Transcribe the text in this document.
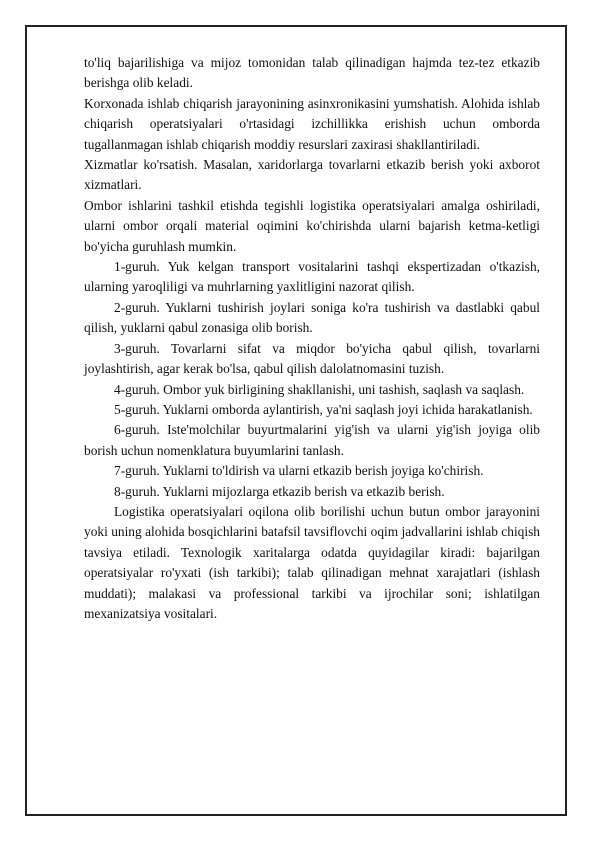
to'liq bajarilishiga va mijoz tomonidan talab qilinadigan hajmda tez-tez etkazib berishga olib keladi.

Korxonada ishlab chiqarish jarayonining asinxronikasini yumshatish. Alohida ishlab chiqarish operatsiyalari o'rtasidagi izchillikka erishish uchun omborda tugallanmagan ishlab chiqarish moddiy resurslari zaxirasi shakllantiriladi.

Xizmatlar ko'rsatish. Masalan, xaridorlarga tovarlarni etkazib berish yoki axborot xizmatlari.

Ombor ishlarini tashkil etishda tegishli logistika operatsiyalari amalga oshiriladi, ularni ombor orqali material oqimini ko'chirishda ularni bajarish ketma-ketligi bo'yicha guruhlash mumkin.

1-guruh. Yuk kelgan transport vositalarini tashqi ekspertizadan o'tkazish, ularning yaroqliligi va muhrlarning yaxlitligini nazorat qilish.

2-guruh. Yuklarni tushirish joylari soniga ko'ra tushirish va dastlabki qabul qilish, yuklarni qabul zonasiga olib borish.

3-guruh. Tovarlarni sifat va miqdor bo'yicha qabul qilish, tovarlarni joylashtirish, agar kerak bo'lsa, qabul qilish dalolatnomasini tuzish.

4-guruh. Ombor yuk birligining shakllanishi, uni tashish, saqlash va saqlash.

5-guruh. Yuklarni omborda aylantirish, ya'ni saqlash joyi ichida harakatlanish.

6-guruh. Iste'molchilar buyurtmalarini yig'ish va ularni yig'ish joyiga olib borish uchun nomenklatura buyumlarini tanlash.

7-guruh. Yuklarni to'ldirish va ularni etkazib berish joyiga ko'chirish.

8-guruh. Yuklarni mijozlarga etkazib berish va etkazib berish.

Logistika operatsiyalari oqilona olib borilishi uchun butun ombor jarayonini yoki uning alohida bosqichlarini batafsil tavsiflovchi oqim jadvallarini ishlab chiqish tavsiya etiladi. Texnologik xaritalarga odatda quyidagilar kiradi: bajarilgan operatsiyalar ro'yxati (ish tarkibi); talab qilinadigan mehnat xarajatlari (ishlash muddati); malakasi va professional tarkibi va ijrochilar soni; ishlatilgan mexanizatsiya vositalari.
